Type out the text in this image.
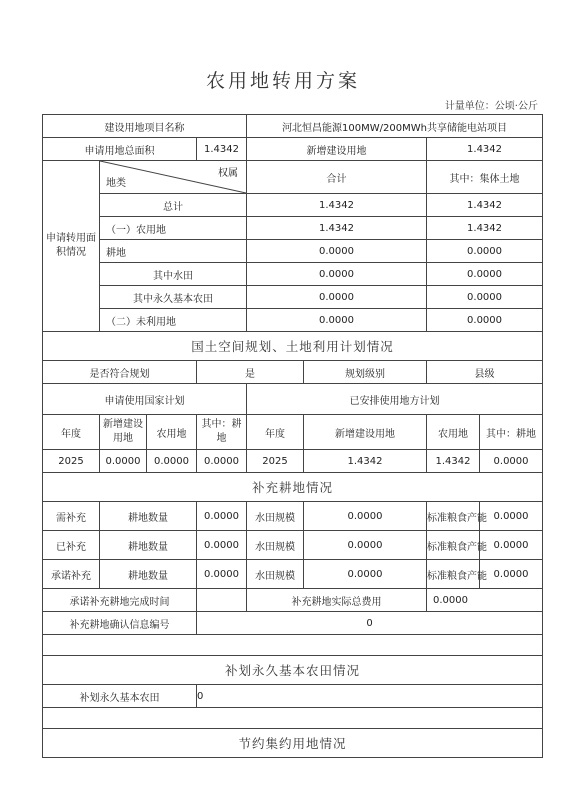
农用地转用方案
计量单位：公顷·公斤
建设用地项目名称				河北恒昌能源100MW/200MWh共享储能电站项目			
申请用地总面积			1.4342	新增建设用地		1.4342	
申请转用面积情况	权属
地类			合计		其中：集体土地	
	总计			1.4342		1.4342	
	（一）农用地			1.4342		1.4342	
	耕地			0.0000		0.0000	
	其中水田			0.0000		0.0000	
	其中永久基本农田			0.0000		0.0000	
	（二）未利用地			0.0000		0.0000	
国土空间规划、土地利用计划情况							
是否符合规划			是		规划级别	县级	
申请使用国家计划				已安排使用地方计划			
年度	新增建设用地	农用地	其中：耕地	年度	新增建设用地	农用地	其中：耕地
2025	0.0000	0.0000	0.0000	2025	1.4342	1.4342	0.0000
补充耕地情况							
需补充	耕地数量		0.0000	水田规模	0.0000	标准粮食产能	0.0000
已补充	耕地数量		0.0000	水田规模	0.0000	标准粮食产能	0.0000
承诺补充	耕地数量		0.0000	水田规模	0.0000	标准粮食产能	0.0000
承诺补充耕地完成时间				补充耕地实际总费用		0.0000	
补充耕地确认信息编号			0				

补划永久基本农田情况							
补划永久基本农田			0				

节约集约用地情况							
